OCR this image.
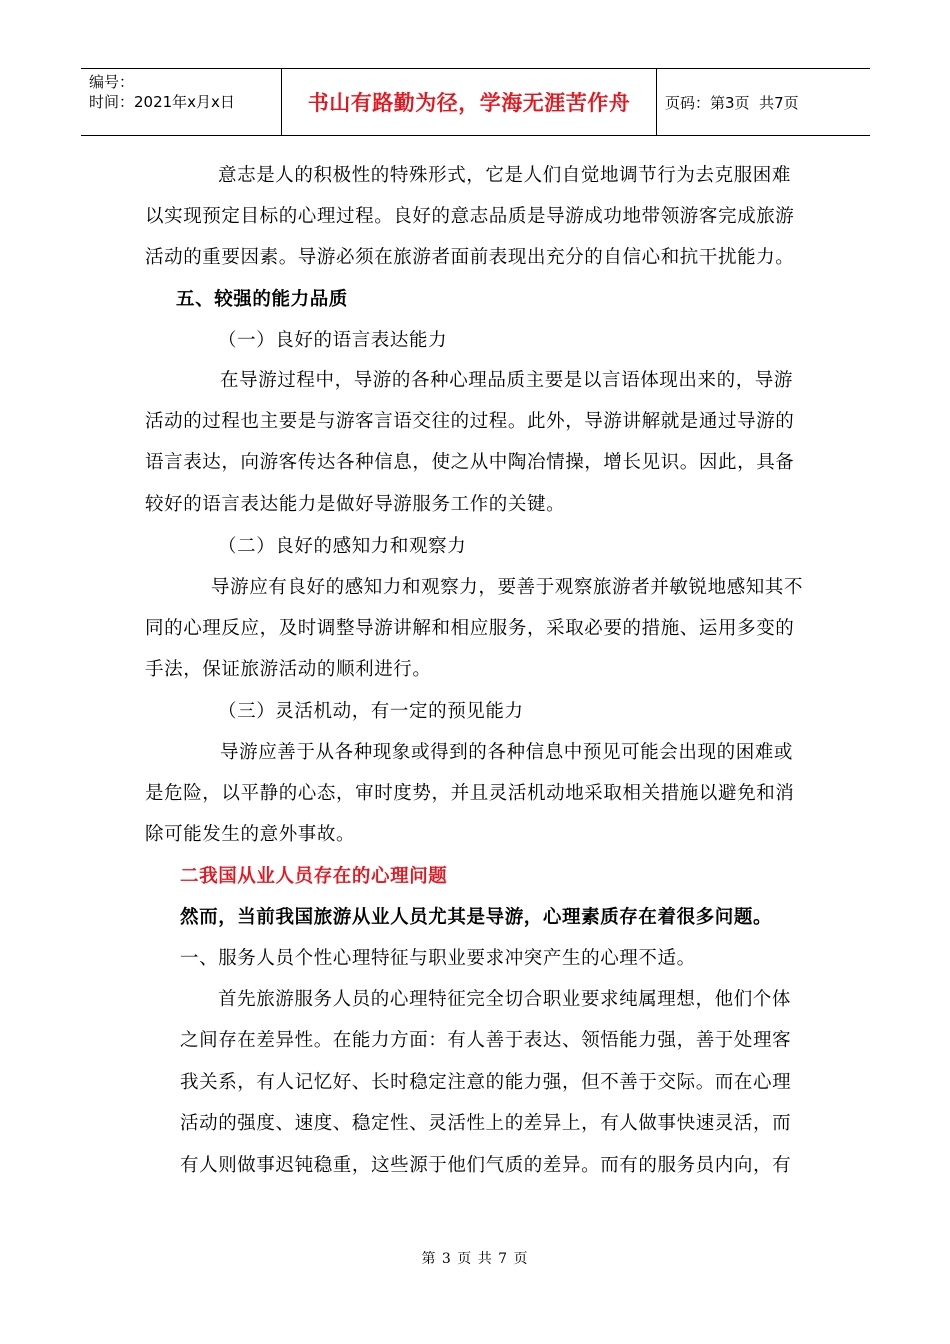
编号：
时间：2021年x月x日	书山有路勤为径，学海无涯苦作舟	页码：第3页  共7页
意志是人的积极性的特殊形式，它是人们自觉地调节行为去克服困难
以实现预定目标的心理过程。良好的意志品质是导游成功地带领游客完成旅游
活动的重要因素。导游必须在旅游者面前表现出充分的自信心和抗干扰能力。
五、较强的能力品质
（一）良好的语言表达能力
在导游过程中，导游的各种心理品质主要是以言语体现出来的，导游
活动的过程也主要是与游客言语交往的过程。此外，导游讲解就是通过导游的
语言表达，向游客传达各种信息，使之从中陶冶情操，增长见识。因此，具备
较好的语言表达能力是做好导游服务工作的关键。
（二）良好的感知力和观察力
导游应有良好的感知力和观察力，要善于观察旅游者并敏锐地感知其不
同的心理反应，及时调整导游讲解和相应服务，采取必要的措施、运用多变的
手法，保证旅游活动的顺利进行。
（三）灵活机动，有一定的预见能力
导游应善于从各种现象或得到的各种信息中预见可能会出现的困难或
是危险，以平静的心态，审时度势，并且灵活机动地采取相关措施以避免和消
除可能发生的意外事故。
二我国从业人员存在的心理问题
然而，当前我国旅游从业人员尤其是导游，心理素质存在着很多问题。
一、服务人员个性心理特征与职业要求冲突产生的心理不适。
首先旅游服务人员的心理特征完全切合职业要求纯属理想，他们个体
之间存在差异性。在能力方面：有人善于表达、领悟能力强，善于处理客
我关系，有人记忆好、长时稳定注意的能力强，但不善于交际。而在心理
活动的强度、速度、稳定性、灵活性上的差异上，有人做事快速灵活，而
有人则做事迟钝稳重，这些源于他们气质的差异。而有的服务员内向，有
第 3 页 共 7 页
